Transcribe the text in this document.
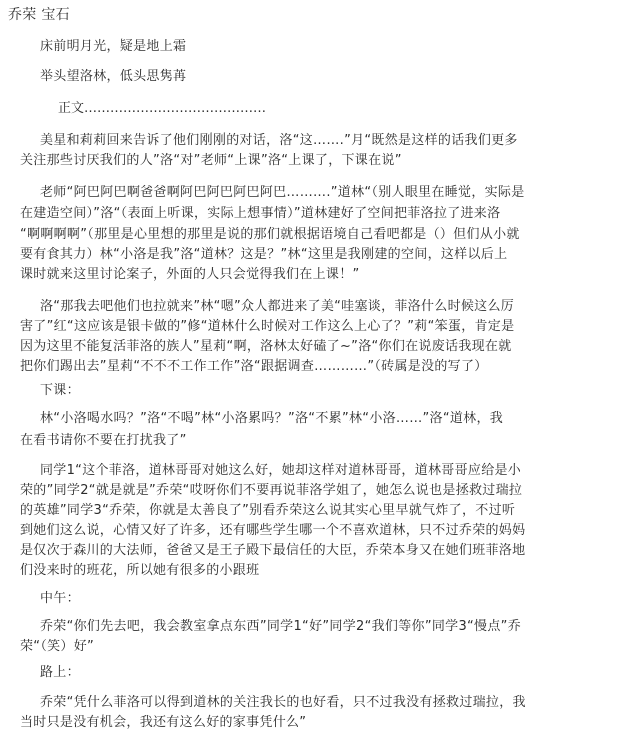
乔荣 宝石
床前明月光，疑是地上霜
举头望洛林，低头思隽苒
正文……………………………………
美星和莉莉回来告诉了他们刚刚的对话，洛“这…….”月“既然是这样的话我们更多
关注那些讨厌我们的人”洛“对”老师“上课”洛“上课了，下课在说”
老师“阿巴阿巴啊爸爸啊阿巴阿巴阿巴阿巴……….”道林“（别人眼里在睡觉，实际是
在建造空间）”洛“（表面上听课，实际上想事情）”道林建好了空间把菲洛拉了进来洛
“啊啊啊啊”（那里是心里想的那里是说的那们就根据语境自己看吧都是（）但们从小就
要有食其力）林“小洛是我”洛“道林？这是？”林“这里是我刚建的空间，这样以后上
课时就来这里讨论案子，外面的人只会觉得我们在上课！”
洛“那我去吧他们也拉就来”林“嗯”众人都进来了美“哇塞谈，菲洛什么时候这么厉
害了”红“这应该是银卡做的”修“道林什么时候对工作这么上心了？”莉“笨蛋，肯定是
因为这里不能复活菲洛的族人”星莉“啊，洛林太好磕了~”洛“你们在说废话我现在就
把你们踢出去”星莉“不不不工作工作”洛“跟据调查…………”（砖属是没的写了）
下课：
林“小洛喝水吗？”洛“不喝”林“小洛累吗？”洛“不累”林“小洛……”洛“道林，我
在看书请你不要在打扰我了”
同学1“这个菲洛，道林哥哥对她这么好，她却这样对道林哥哥，道林哥哥应给是小
荣的”同学2“就是就是”乔荣“哎呀你们不要再说菲洛学姐了，她怎么说也是拯救过瑞拉
的英雄”同学3“乔荣，你就是太善良了”别看乔荣这么说其实心里早就气炸了，不过听
到她们这么说，心情又好了许多，还有哪些学生哪一个不喜欢道林，只不过乔荣的妈妈
是仅次于森川的大法师，爸爸又是王子殿下最信任的大臣，乔荣本身又在她们班菲洛地
们没来时的班花，所以她有很多的小跟班
中午：
乔荣“你们先去吧，我会教室拿点东西”同学1“好”同学2“我们等你”同学3“慢点”乔
荣“（笑）好”
路上：
乔荣“凭什么菲洛可以得到道林的关注我长的也好看，只不过我没有拯救过瑞拉，我
当时只是没有机会，我还有这么好的家事凭什么”
